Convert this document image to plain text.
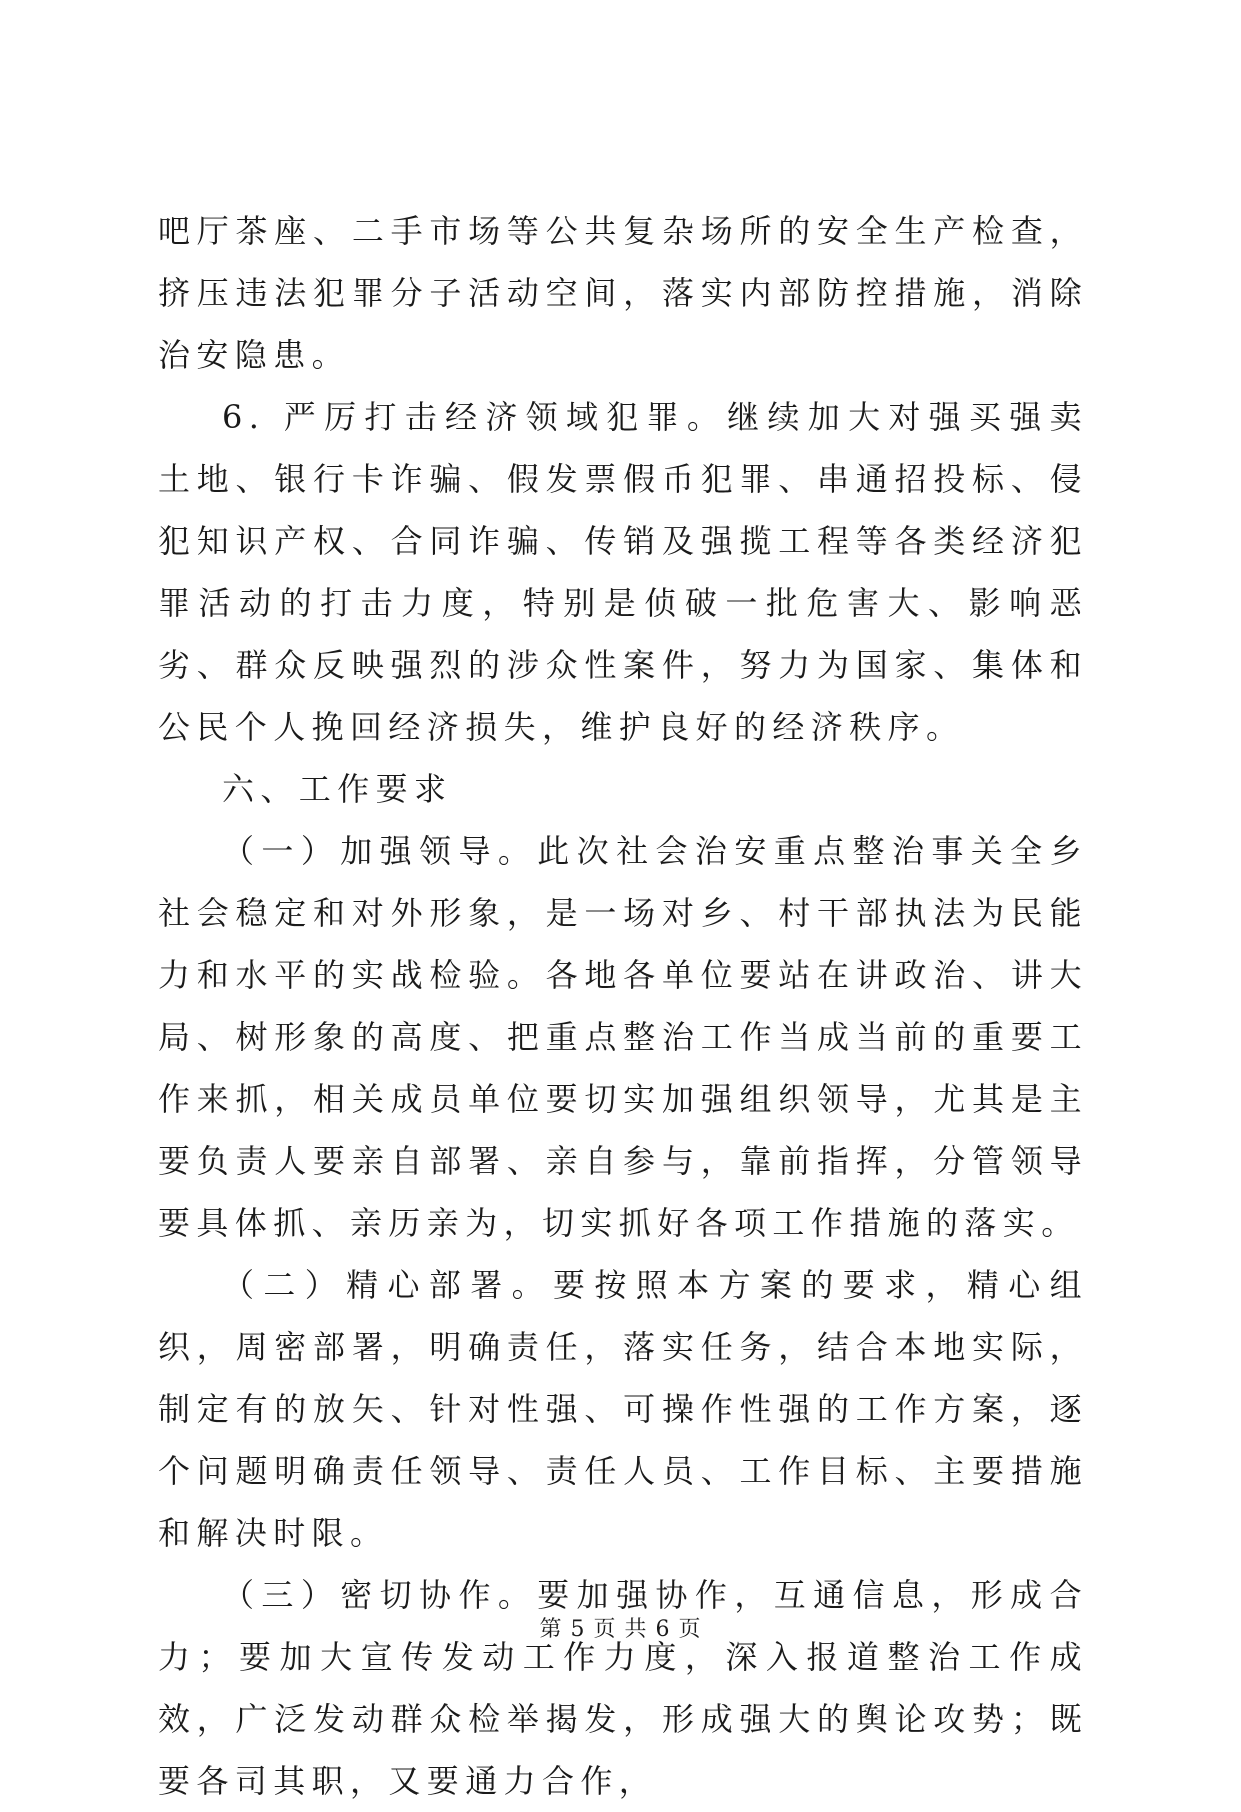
吧厅茶座、二手市场等公共复杂场所的安全生产检查，挤压违法犯罪分子活动空间，落实内部防控措施，消除治安隐患。

6. 严厉打击经济领域犯罪。继续加大对强买强卖土地、银行卡诈骗、假发票假币犯罪、串通招投标、侵犯知识产权、合同诈骗、传销及强揽工程等各类经济犯罪活动的打击力度，特别是侦破一批危害大、影响恶劣、群众反映强烈的涉众性案件，努力为国家、集体和公民个人挽回经济损失，维护良好的经济秩序。

六、工作要求

（一）加强领导。此次社会治安重点整治事关全乡社会稳定和对外形象，是一场对乡、村干部执法为民能力和水平的实战检验。各地各单位要站在讲政治、讲大局、树形象的高度、把重点整治工作当成当前的重要工作来抓，相关成员单位要切实加强组织领导，尤其是主要负责人要亲自部署、亲自参与，靠前指挥，分管领导要具体抓、亲历亲为，切实抓好各项工作措施的落实。

（二）精心部署。要按照本方案的要求，精心组织，周密部署，明确责任，落实任务，结合本地实际，制定有的放矢、针对性强、可操作性强的工作方案，逐个问题明确责任领导、责任人员、工作目标、主要措施和解决时限。

（三）密切协作。要加强协作，互通信息，形成合力；要加大宣传发动工作力度，深入报道整治工作成效，广泛发动群众检举揭发，形成强大的舆论攻势；既要各司其职，又要通力合作，

第 5 页 共 6 页
